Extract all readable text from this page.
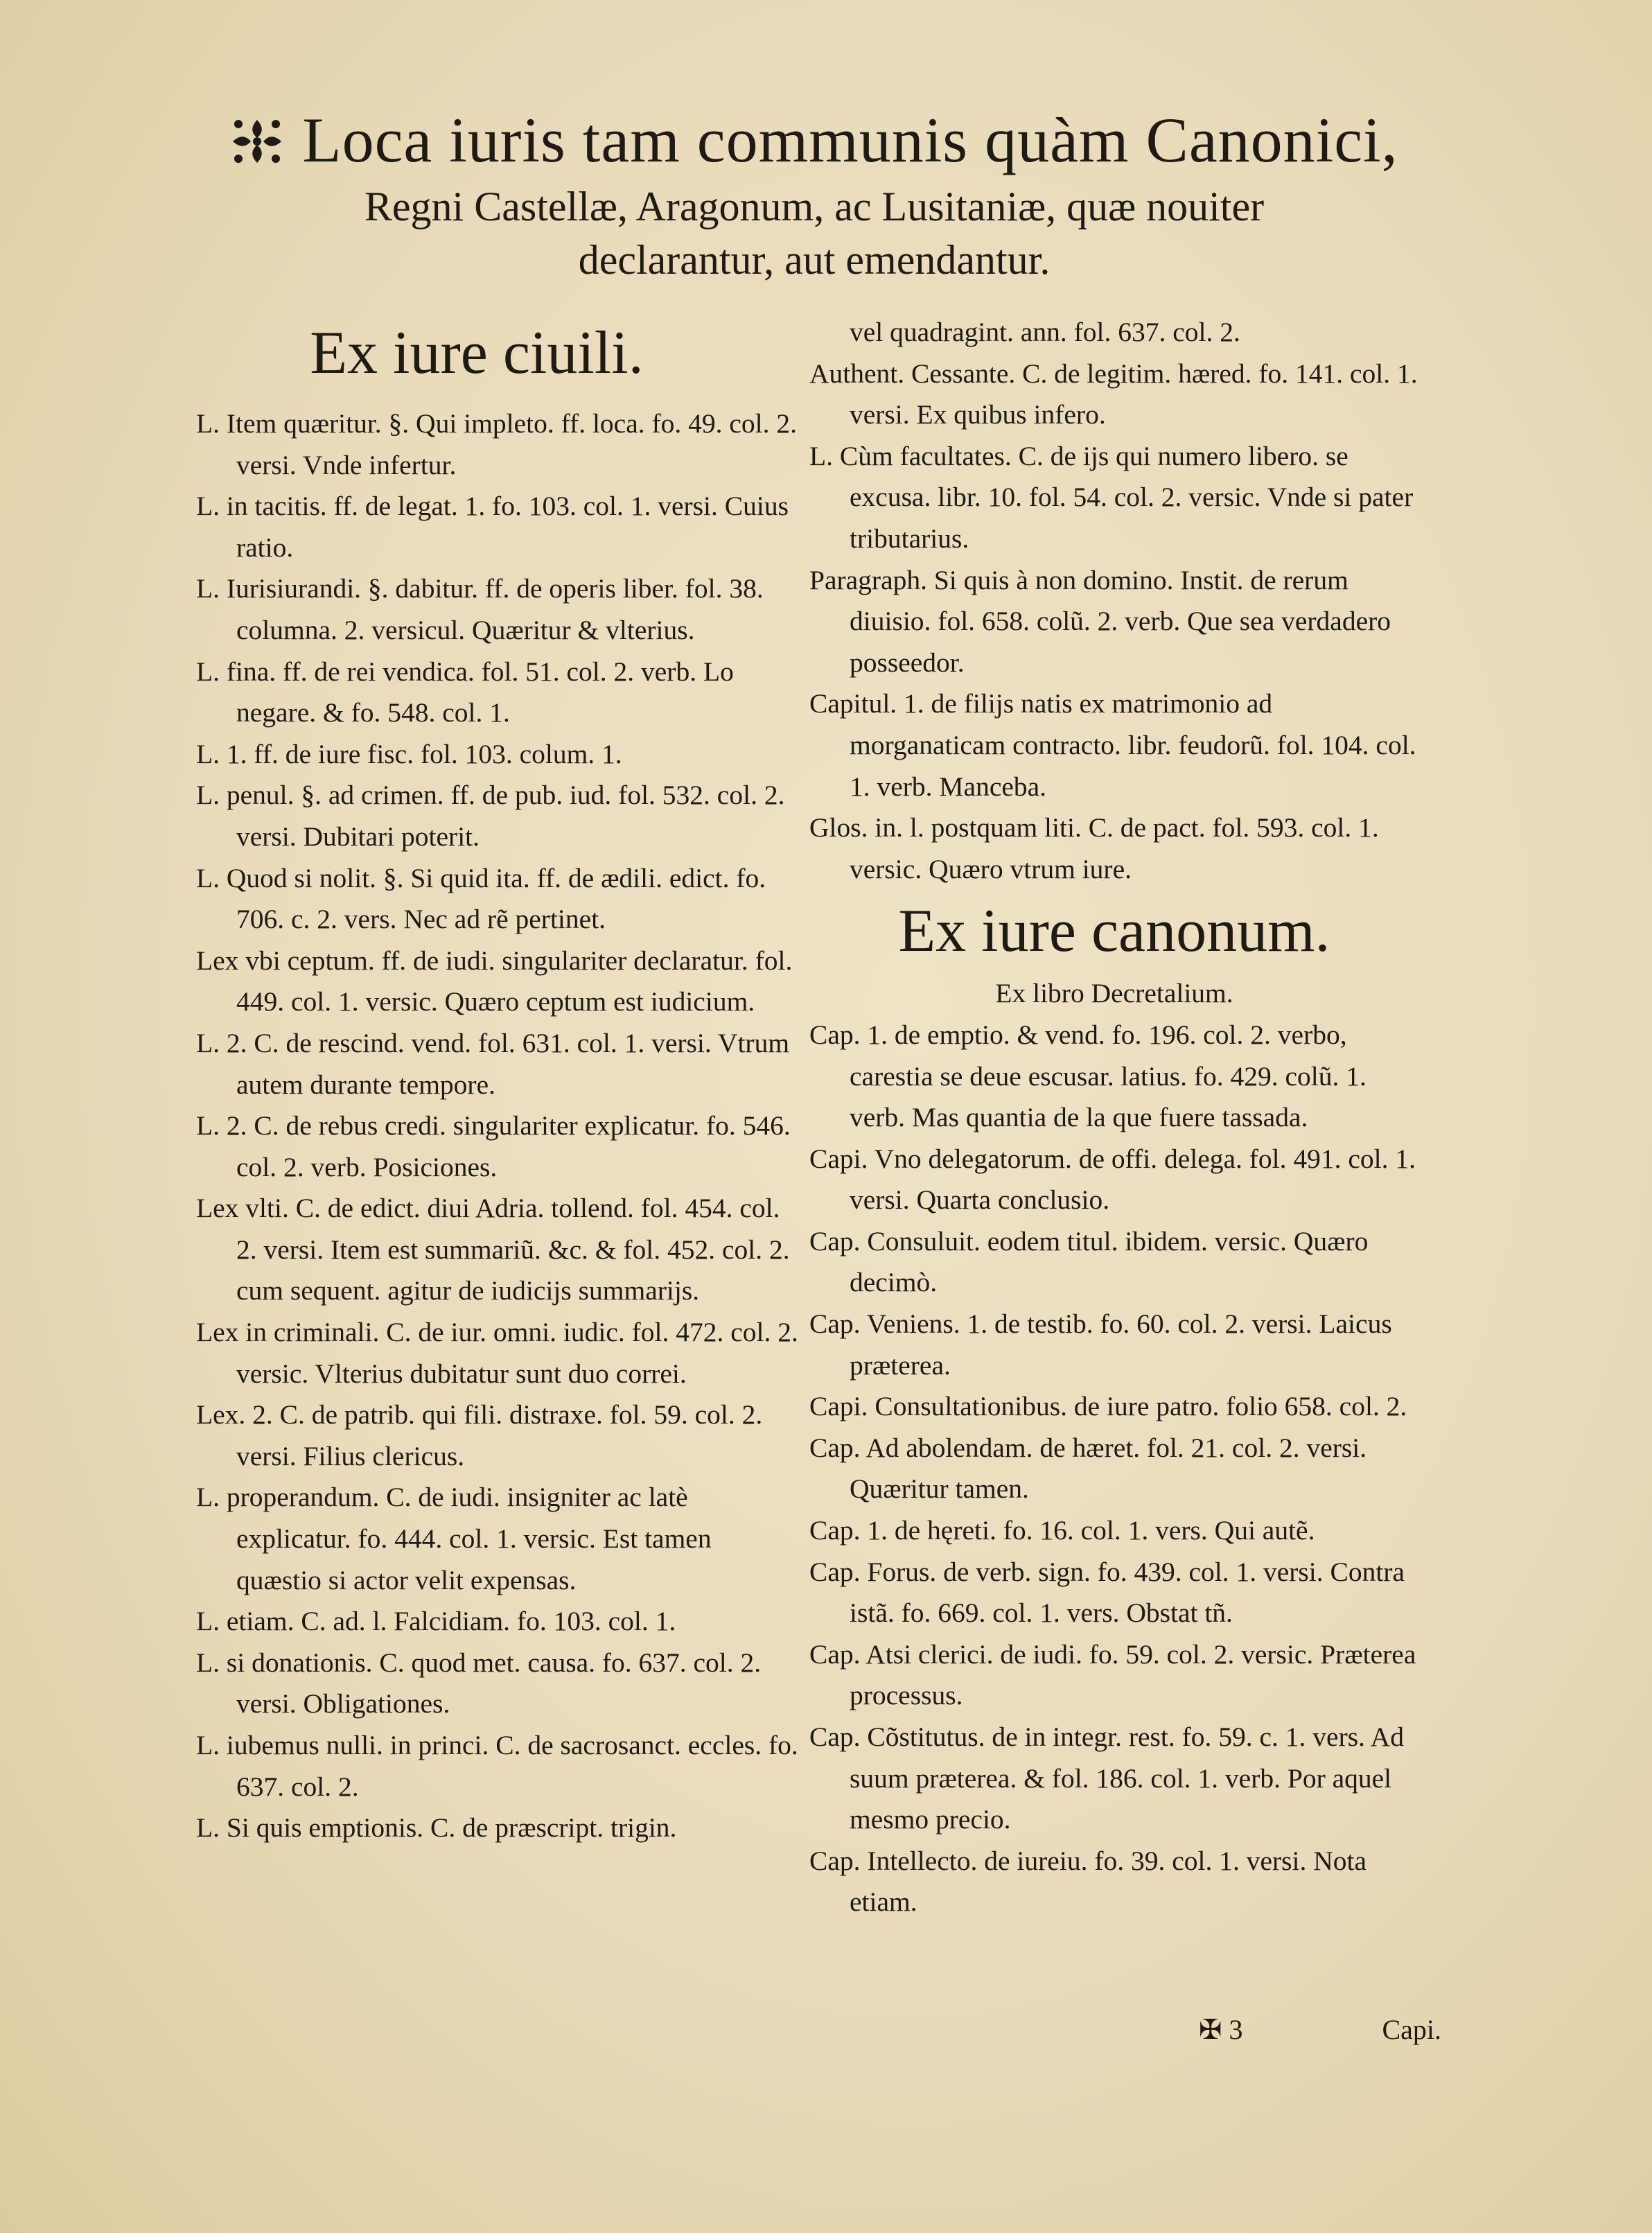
Loca iuris tam communis quàm Canonici,
Regni Castellæ, Aragonum, ac Lusitaniæ, quæ nouiter
declarantur, aut emendantur.

Ex iure ciuili.

L. Item quæritur. §. Qui impleto. ff. loca. fo. 49. col. 2. versi. Vnde infertur.

L. in tacitis. ff. de legat. 1. fo. 103. col. 1. versi. Cuius ratio.

L. Iurisiurandi. §. dabitur. ff. de operis liber. fol. 38. columna. 2. versicul. Quæritur & vlterius.

L. fina. ff. de rei vendica. fol. 51. col. 2. verb. Lo negare. & fo. 548. col. 1.

L. 1. ff. de iure fisc. fol. 103. colum. 1.

L. penul. §. ad crimen. ff. de pub. iud. fol. 532. col. 2. versi. Dubitari poterit.

L. Quod si nolit. §. Si quid ita. ff. de ædili. edict. fo. 706. c. 2. vers. Nec ad rẽ pertinet.

Lex vbi ceptum. ff. de iudi. singulariter declaratur. fol. 449. col. 1. versic. Quæro ceptum est iudicium.

L. 2. C. de rescind. vend. fol. 631. col. 1. versi. Vtrum autem durante tempore.

L. 2. C. de rebus credi. singulariter explicatur. fo. 546. col. 2. verb. Posiciones.

Lex vlti. C. de edict. diui Adria. tollend. fol. 454. col. 2. versi. Item est summariũ. &c. & fol. 452. col. 2. cum sequent. agitur de iudicijs summarijs.

Lex in criminali. C. de iur. omni. iudic. fol. 472. col. 2. versic. Vlterius dubitatur sunt duo correi.

Lex. 2. C. de patrib. qui fili. distraxe. fol. 59. col. 2. versi. Filius clericus.

L. properandum. C. de iudi. insigniter ac latè explicatur. fo. 444. col. 1. versic. Est tamen quæstio si actor velit expensas.

L. etiam. C. ad. l. Falcidiam. fo. 103. col. 1.

L. si donationis. C. quod met. causa. fo. 637. col. 2. versi. Obligationes.

L. iubemus nulli. in princi. C. de sacrosanct. eccles. fo. 637. col. 2.

L. Si quis emptionis. C. de præscript. trigin.

vel quadragint. ann. fol. 637. col. 2.

Authent. Cessante. C. de legitim. hæred. fo. 141. col. 1. versi. Ex quibus infero.

L. Cùm facultates. C. de ijs qui numero libero. se excusa. libr. 10. fol. 54. col. 2. versic. Vnde si pater tributarius.

Paragraph. Si quis à non domino. Instit. de rerum diuisio. fol. 658. colũ. 2. verb. Que sea verdadero posseedor.

Capitul. 1. de filijs natis ex matrimonio ad morganaticam contracto. libr. feudorũ. fol. 104. col. 1. verb. Manceba.

Glos. in. l. postquam liti. C. de pact. fol. 593. col. 1. versic. Quæro vtrum iure.

Ex iure canonum.

Ex libro Decretalium.

Cap. 1. de emptio. & vend. fo. 196. col. 2. verbo, carestia se deue escusar. latius. fo. 429. colũ. 1. verb. Mas quantia de la que fuere tassada.

Capi. Vno delegatorum. de offi. delega. fol. 491. col. 1. versi. Quarta conclusio.

Cap. Consuluit. eodem titul. ibidem. versic. Quæro decimò.

Cap. Veniens. 1. de testib. fo. 60. col. 2. versi. Laicus præterea.

Capi. Consultationibus. de iure patro. folio 658. col. 2.

Cap. Ad abolendam. de hæret. fol. 21. col. 2. versi. Quæritur tamen.

Cap. 1. de hęreti. fo. 16. col. 1. vers. Qui autẽ.

Cap. Forus. de verb. sign. fo. 439. col. 1. versi. Contra istã. fo. 669. col. 1. vers. Obstat tñ.

Cap. Atsi clerici. de iudi. fo. 59. col. 2. versic. Præterea processus.

Cap. Cõstitutus. de in integr. rest. fo. 59. c. 1. vers. Ad suum præterea. & fol. 186. col. 1. verb. Por aquel mesmo precio.

Cap. Intellecto. de iureiu. fo. 39. col. 1. versi. Nota etiam.

✠ 3	Capi.
